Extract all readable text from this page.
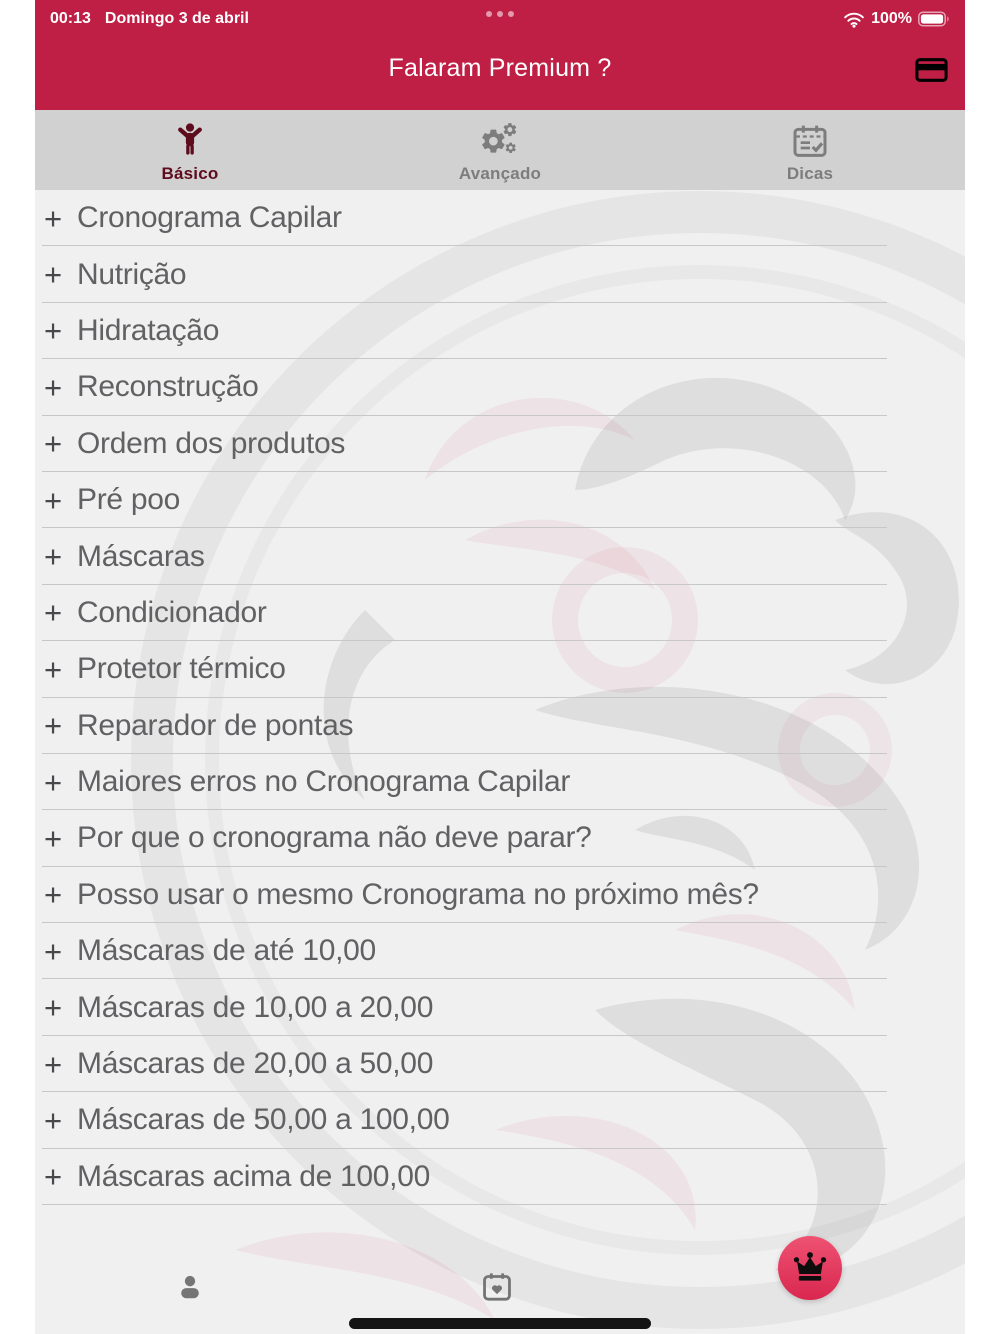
00:13 Domingo 3 de abril	100%
Falaram Premium ?
Básico	Avançado	Dicas
+ Cronograma Capilar
+ Nutrição
+ Hidratação
+ Reconstrução
+ Ordem dos produtos
+ Pré poo
+ Máscaras
+ Condicionador
+ Protetor térmico
+ Reparador de pontas
+ Maiores erros no Cronograma Capilar
+ Por que o cronograma não deve parar?
+ Posso usar o mesmo Cronograma no próximo mês?
+ Máscaras de até 10,00
+ Máscaras de 10,00 a 20,00
+ Máscaras de 20,00 a 50,00
+ Máscaras de 50,00 a 100,00
+ Máscaras acima de 100,00
